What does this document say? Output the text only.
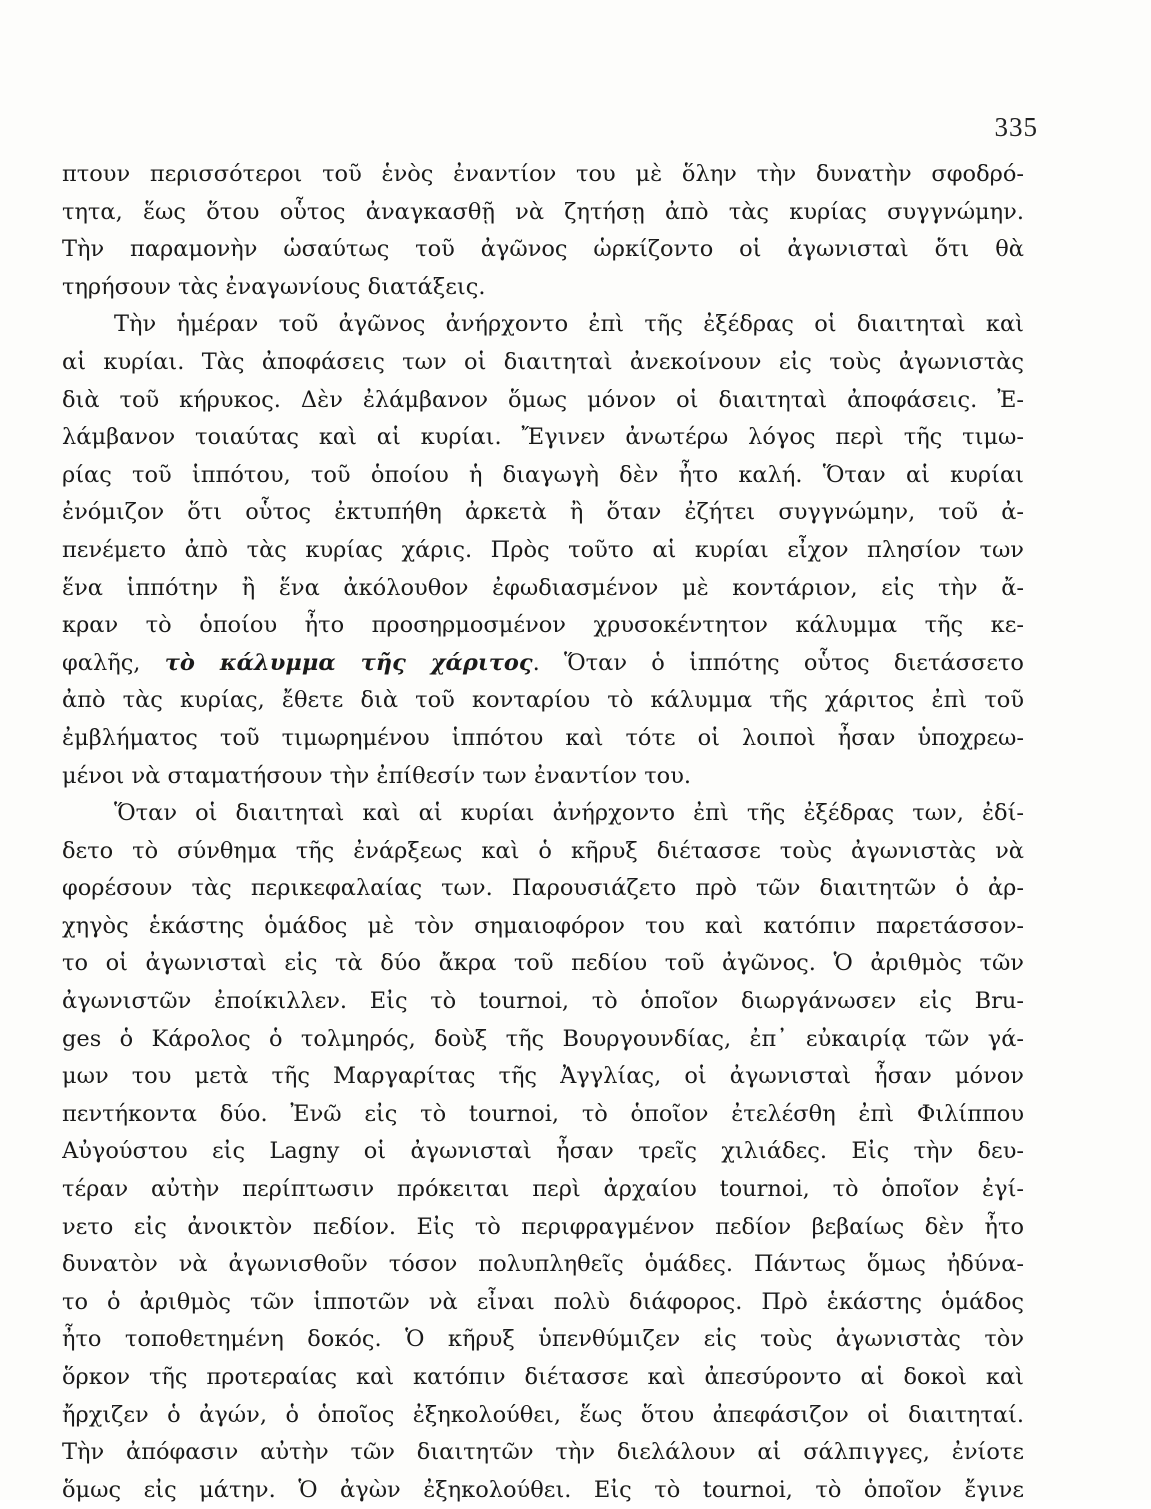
335
πτουν περισσότεροι τοῦ ἑνὸς ἐναντίον του μὲ ὅλην τὴν δυνατὴν σφοδρό-
τητα, ἕως ὅτου οὗτος ἀναγκασθῇ νὰ ζητήσῃ ἀπὸ τὰς κυρίας συγγνώμην.
Τὴν παραμονὴν ὡσαύτως τοῦ ἀγῶνος ὡρκίζοντο οἱ ἀγωνισταὶ ὅτι θὰ
τηρήσουν τὰς ἐναγωνίους διατάξεις.
Τὴν ἡμέραν τοῦ ἀγῶνος ἀνήρχοντο ἐπὶ τῆς ἐξέδρας οἱ διαιτηταὶ καὶ
αἱ κυρίαι. Τὰς ἀποφάσεις των οἱ διαιτηταὶ ἀνεκοίνουν εἰς τοὺς ἀγωνιστὰς
διὰ τοῦ κήρυκος. Δὲν ἐλάμβανον ὅμως μόνον οἱ διαιτηταὶ ἀποφάσεις. Ἐ-
λάμβανον τοιαύτας καὶ αἱ κυρίαι. Ἔγινεν ἀνωτέρω λόγος περὶ τῆς τιμω-
ρίας τοῦ ἱππότου, τοῦ ὁποίου ἡ διαγωγὴ δὲν ἦτο καλή. Ὅταν αἱ κυρίαι
ἐνόμιζον ὅτι οὗτος ἐκτυπήθη ἀρκετὰ ἢ ὅταν ἐζήτει συγγνώμην, τοῦ ἀ-
πενέμετο ἀπὸ τὰς κυρίας χάρις. Πρὸς τοῦτο αἱ κυρίαι εἶχον πλησίον των
ἕνα ἱππότην ἢ ἕνα ἀκόλουθον ἐφωδιασμένον μὲ κοντάριον, εἰς τὴν ἄ-
κραν τὸ ὁποίου ἦτο προσηρμοσμένον χρυσοκέντητον κάλυμμα τῆς κε-
φαλῆς, τὸ κάλυμμα τῆς χάριτος. Ὅταν ὁ ἱππότης οὗτος διετάσσετο
ἀπὸ τὰς κυρίας, ἔθετε διὰ τοῦ κονταρίου τὸ κάλυμμα τῆς χάριτος ἐπὶ τοῦ
ἐμβλήματος τοῦ τιμωρημένου ἱππότου καὶ τότε οἱ λοιποὶ ἦσαν ὑποχρεω-
μένοι νὰ σταματήσουν τὴν ἐπίθεσίν των ἐναντίον του.
Ὅταν οἱ διαιτηταὶ καὶ αἱ κυρίαι ἀνήρχοντο ἐπὶ τῆς ἐξέδρας των, ἐδί-
δετο τὸ σύνθημα τῆς ἐνάρξεως καὶ ὁ κῆρυξ διέτασσε τοὺς ἀγωνιστὰς νὰ
φορέσουν τὰς περικεφαλαίας των. Παρουσιάζετο πρὸ τῶν διαιτητῶν ὁ ἀρ-
χηγὸς ἑκάστης ὁμάδος μὲ τὸν σημαιοφόρον του καὶ κατόπιν παρετάσσον-
το οἱ ἀγωνισταὶ εἰς τὰ δύο ἄκρα τοῦ πεδίου τοῦ ἀγῶνος. Ὁ ἀριθμὸς τῶν
ἀγωνιστῶν ἐποίκιλλεν. Εἰς τὸ tournoi, τὸ ὁποῖον διωργάνωσεν εἰς Bru-
ges ὁ Κάρολος ὁ τολμηρός, δοὺξ τῆς Βουργουνδίας, ἐπ᾽ εὐκαιρίᾳ τῶν γά-
μων του μετὰ τῆς Μαργαρίτας τῆς Ἀγγλίας, οἱ ἀγωνισταὶ ἦσαν μόνον
πεντήκοντα δύο. Ἐνῶ εἰς τὸ tournoi, τὸ ὁποῖον ἐτελέσθη ἐπὶ Φιλίππου
Αὐγούστου εἰς Lagny οἱ ἀγωνισταὶ ἦσαν τρεῖς χιλιάδες. Εἰς τὴν δευ-
τέραν αὐτὴν περίπτωσιν πρόκειται περὶ ἀρχαίου tournoi, τὸ ὁποῖον ἐγί-
νετο εἰς ἀνοικτὸν πεδίον. Εἰς τὸ περιφραγμένον πεδίον βεβαίως δὲν ἦτο
δυνατὸν νὰ ἀγωνισθοῦν τόσον πολυπληθεῖς ὁμάδες. Πάντως ὅμως ἠδύνα-
το ὁ ἀριθμὸς τῶν ἱπποτῶν νὰ εἶναι πολὺ διάφορος. Πρὸ ἑκάστης ὁμάδος
ἦτο τοποθετημένη δοκός. Ὁ κῆρυξ ὑπενθύμιζεν εἰς τοὺς ἀγωνιστὰς τὸν
ὅρκον τῆς προτεραίας καὶ κατόπιν διέτασσε καὶ ἀπεσύροντο αἱ δοκοὶ καὶ
ἤρχιζεν ὁ ἀγών, ὁ ὁποῖος ἐξηκολούθει, ἕως ὅτου ἀπεφάσιζον οἱ διαιτηταί.
Τὴν ἀπόφασιν αὐτὴν τῶν διαιτητῶν τὴν διελάλουν αἱ σάλπιγγες, ἐνίοτε
ὅμως εἰς μάτην. Ὁ ἀγὼν ἐξηκολούθει. Εἰς τὸ tournoi, τὸ ὁποῖον ἔγινε
